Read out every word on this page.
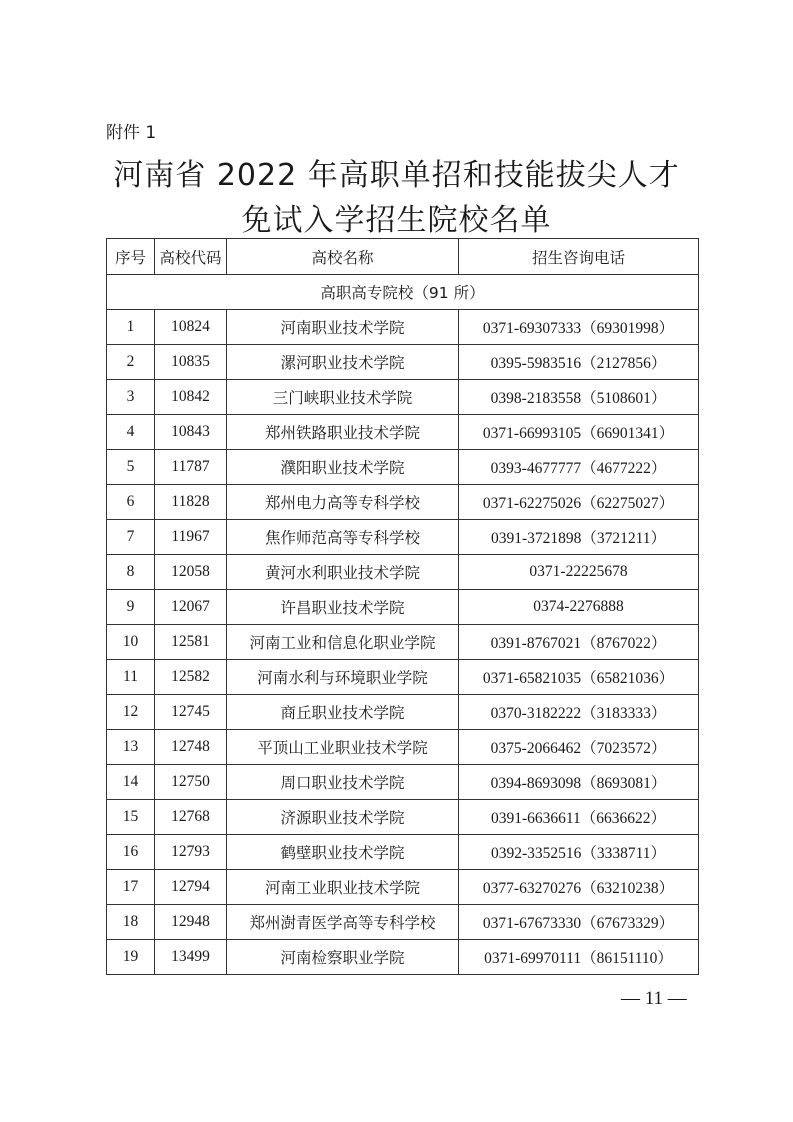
附件 1
河南省 2022 年高职单招和技能拔尖人才
免试入学招生院校名单
序号	高校代码	高校名称	招生咨询电话
高职高专院校（91 所）			
1	10824	河南职业技术学院	0371-69307333（69301998）
2	10835	漯河职业技术学院	0395-5983516（2127856）
3	10842	三门峡职业技术学院	0398-2183558（5108601）
4	10843	郑州铁路职业技术学院	0371-66993105（66901341）
5	11787	濮阳职业技术学院	0393-4677777（4677222）
6	11828	郑州电力高等专科学校	0371-62275026（62275027）
7	11967	焦作师范高等专科学校	0391-3721898（3721211）
8	12058	黄河水利职业技术学院	0371-22225678
9	12067	许昌职业技术学院	0374-2276888
10	12581	河南工业和信息化职业学院	0391-8767021（8767022）
11	12582	河南水利与环境职业学院	0371-65821035（65821036）
12	12745	商丘职业技术学院	0370-3182222（3183333）
13	12748	平顶山工业职业技术学院	0375-2066462（7023572）
14	12750	周口职业技术学院	0394-8693098（8693081）
15	12768	济源职业技术学院	0391-6636611（6636622）
16	12793	鹤壁职业技术学院	0392-3352516（3338711）
17	12794	河南工业职业技术学院	0377-63270276（63210238）
18	12948	郑州澍青医学高等专科学校	0371-67673330（67673329）
19	13499	河南检察职业学院	0371-69970111（86151110）
— 11 —
